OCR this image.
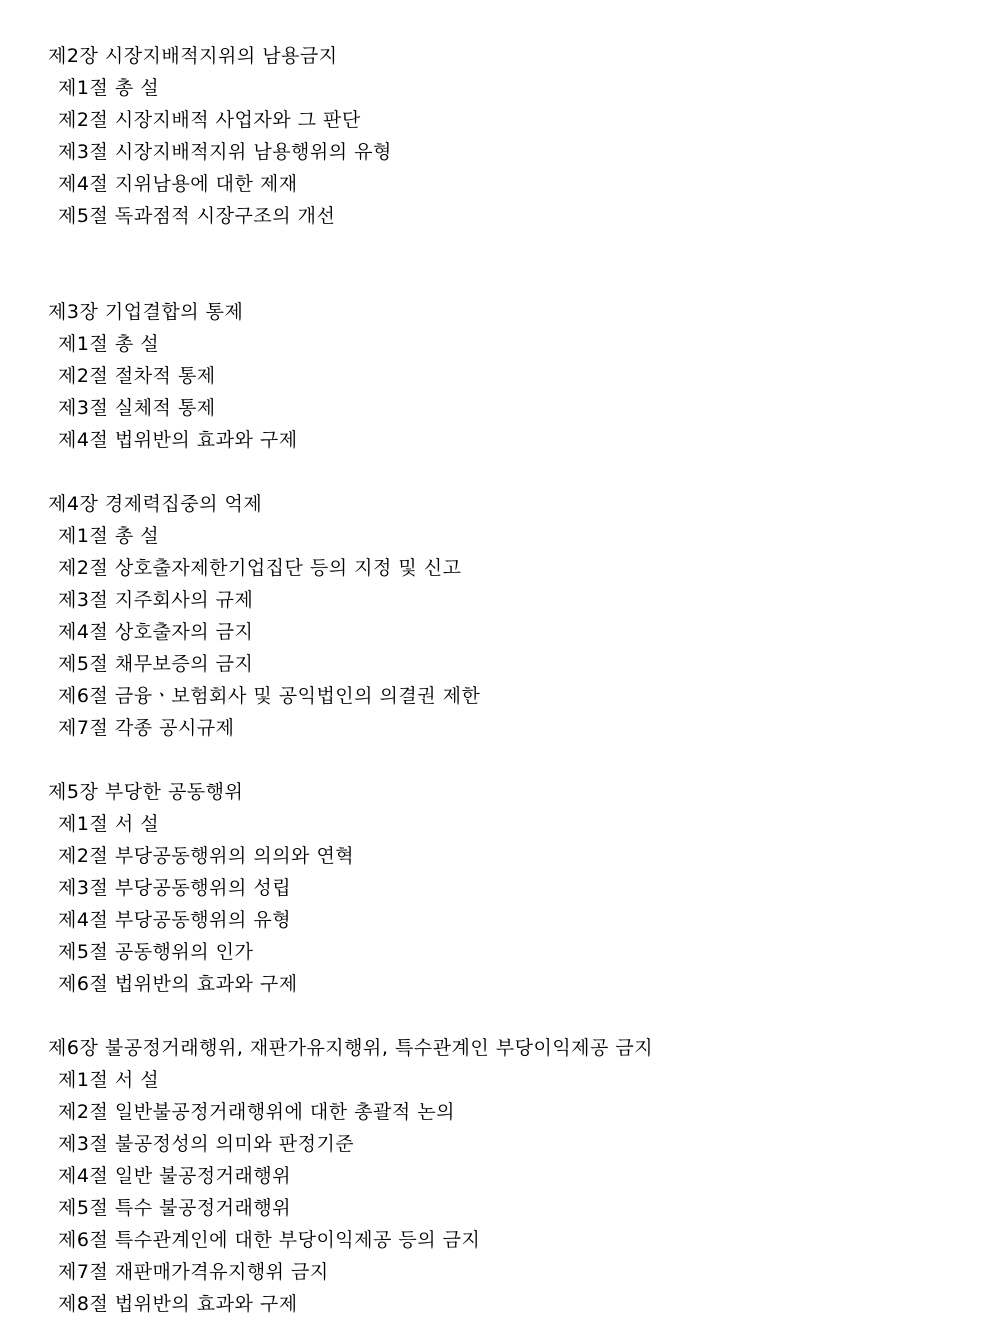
제2장 시장지배적지위의 남용금지
제1절 총 설
제2절 시장지배적 사업자와 그 판단
제3절 시장지배적지위 남용행위의 유형
제4절 지위남용에 대한 제재
제5절 독과점적 시장구조의 개선
제3장 기업결합의 통제
제1절 총 설
제2절 절차적 통제
제3절 실체적 통제
제4절 법위반의 효과와 구제
제4장 경제력집중의 억제
제1절 총 설
제2절 상호출자제한기업집단 등의 지정 및 신고
제3절 지주회사의 규제
제4절 상호출자의 금지
제5절 채무보증의 금지
제6절 금융ㆍ보험회사 및 공익법인의 의결권 제한
제7절 각종 공시규제
제5장 부당한 공동행위
제1절 서 설
제2절 부당공동행위의 의의와 연혁
제3절 부당공동행위의 성립
제4절 부당공동행위의 유형
제5절 공동행위의 인가
제6절 법위반의 효과와 구제
제6장 불공정거래행위, 재판가유지행위, 특수관계인 부당이익제공 금지
제1절 서 설
제2절 일반불공정거래행위에 대한 총괄적 논의
제3절 불공정성의 의미와 판정기준
제4절 일반 불공정거래행위
제5절 특수 불공정거래행위
제6절 특수관계인에 대한 부당이익제공 등의 금지
제7절 재판매가격유지행위 금지
제8절 법위반의 효과와 구제
